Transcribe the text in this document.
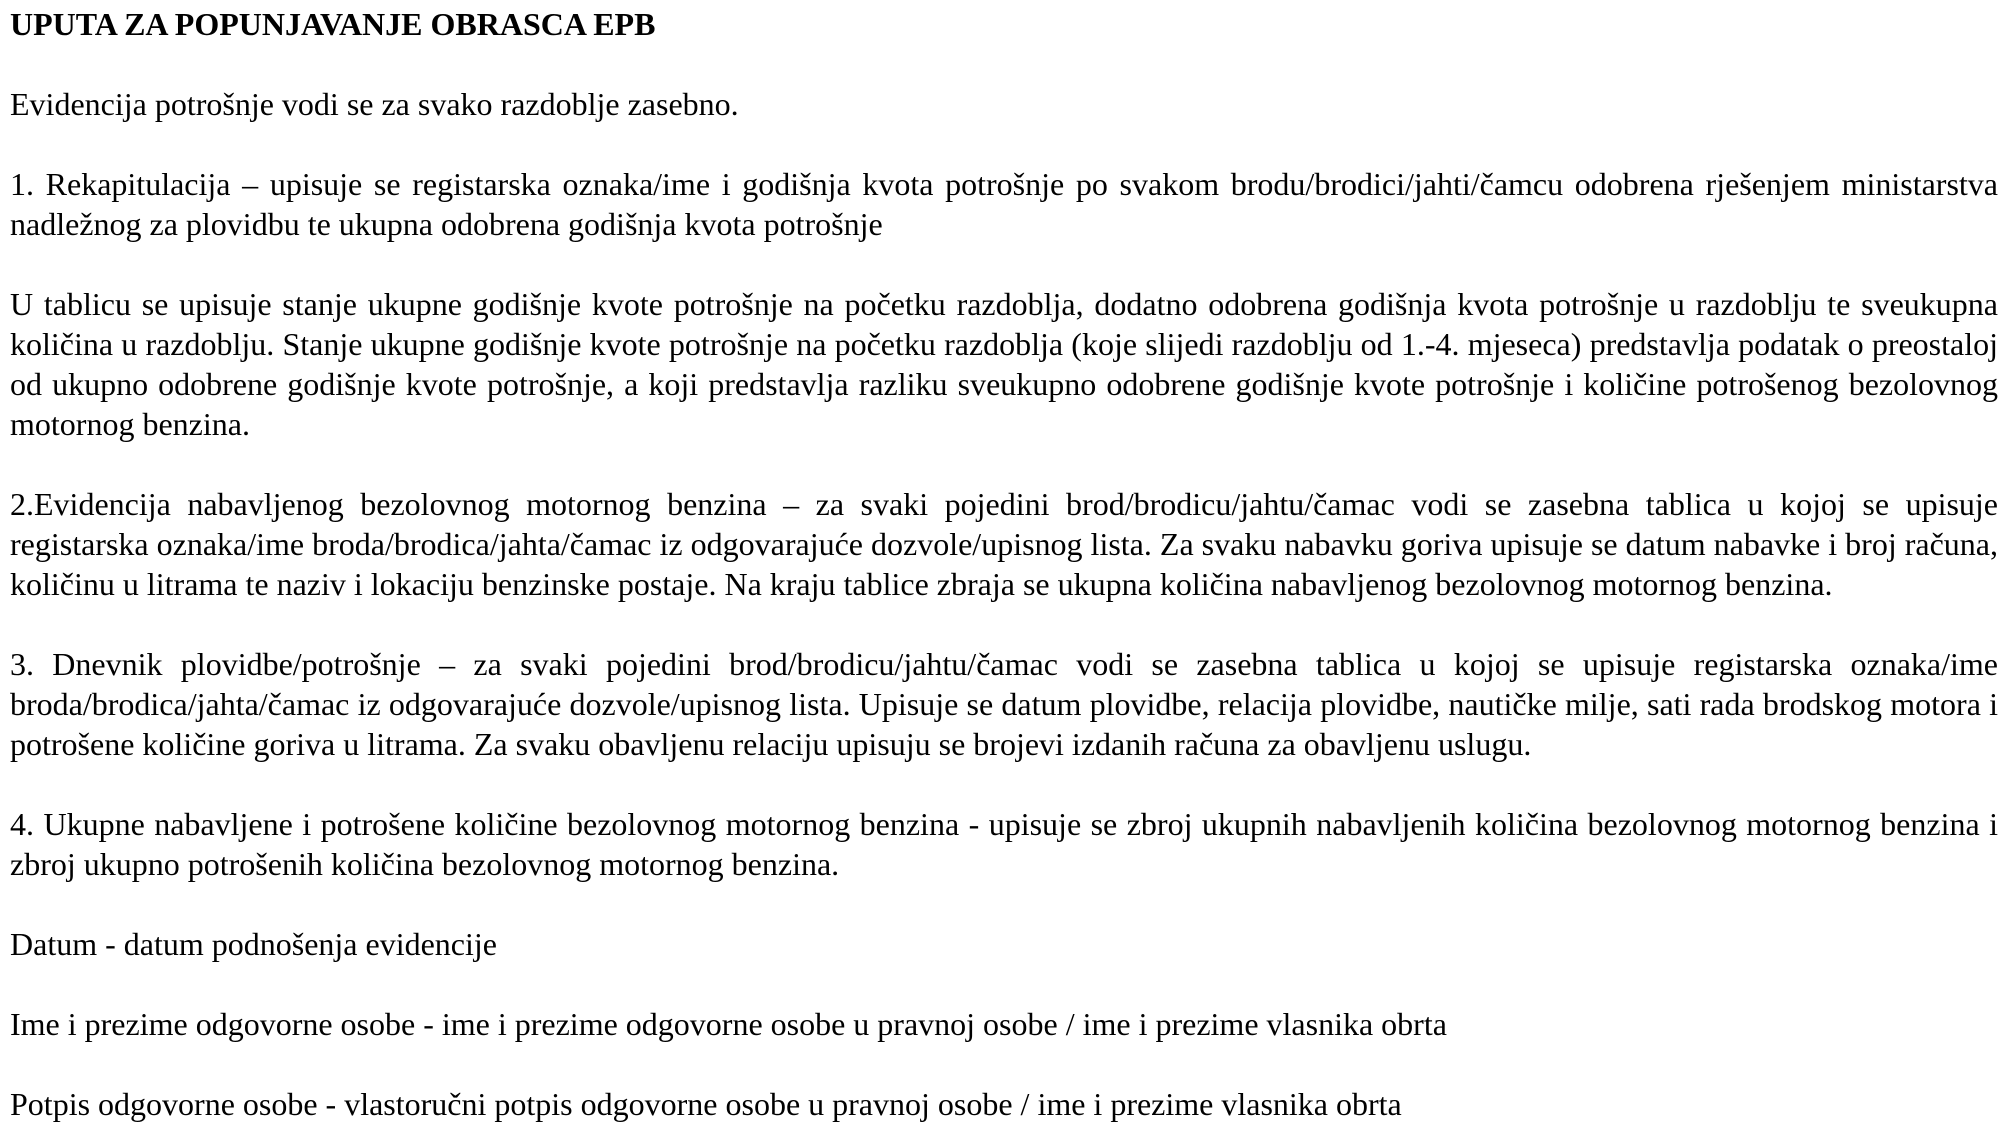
UPUTA ZA POPUNJAVANJE OBRASCA EPB

Evidencija potrošnje vodi se za svako razdoblje zasebno.

1. Rekapitulacija – upisuje se registarska oznaka/ime i godišnja kvota potrošnje po svakom brodu/brodici/jahti/čamcu odobrena rješenjem ministarstva nadležnog za plovidbu te ukupna odobrena godišnja kvota potrošnje

U tablicu se upisuje stanje ukupne godišnje kvote potrošnje na početku razdoblja, dodatno odobrena godišnja kvota potrošnje u razdoblju te sveukupna količina u razdoblju. Stanje ukupne godišnje kvote potrošnje na početku razdoblja (koje slijedi razdoblju od 1.-4. mjeseca) predstavlja podatak o preostaloj od ukupno odobrene godišnje kvote potrošnje, a koji predstavlja razliku sveukupno odobrene godišnje kvote potrošnje i količine potrošenog bezolovnog motornog benzina.

2.Evidencija nabavljenog bezolovnog motornog benzina – za svaki pojedini brod/brodicu/jahtu/čamac vodi se zasebna tablica u kojoj se upisuje registarska oznaka/ime broda/brodica/jahta/čamac iz odgovarajuće dozvole/upisnog lista. Za svaku nabavku goriva upisuje se datum nabavke i broj računa, količinu u litrama te naziv i lokaciju benzinske postaje. Na kraju tablice zbraja se ukupna količina nabavljenog bezolovnog motornog benzina.

3. Dnevnik plovidbe/potrošnje – za svaki pojedini brod/brodicu/jahtu/čamac vodi se zasebna tablica u kojoj se upisuje registarska oznaka/ime broda/brodica/jahta/čamac iz odgovarajuće dozvole/upisnog lista. Upisuje se datum plovidbe, relacija plovidbe, nautičke milje, sati rada brodskog motora i potrošene količine goriva u litrama. Za svaku obavljenu relaciju upisuju se brojevi izdanih računa za obavljenu uslugu.

4. Ukupne nabavljene i potrošene količine bezolovnog motornog benzina - upisuje se zbroj ukupnih nabavljenih količina bezolovnog motornog benzina i zbroj ukupno potrošenih količina bezolovnog motornog benzina.

Datum - datum podnošenja evidencije

Ime i prezime odgovorne osobe - ime i prezime odgovorne osobe u pravnoj osobe / ime i prezime vlasnika obrta

Potpis odgovorne osobe - vlastoručni potpis odgovorne osobe u pravnoj osobe / ime i prezime vlasnika obrta
